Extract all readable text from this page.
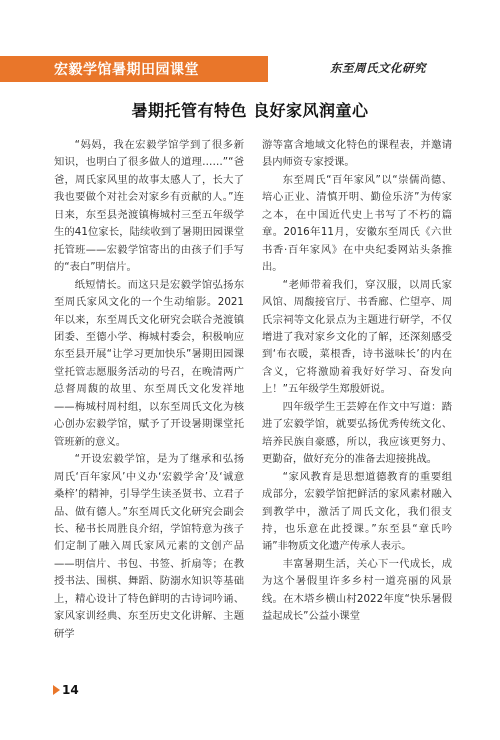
宏毅学馆暑期田园课堂	东至周氏文化研究
暑期托管有特色 良好家风润童心

“妈妈，我在宏毅学馆学到了很多新知识，也明白了很多做人的道理……”“爸爸，周氏家风里的故事太感人了，长大了我也要做个对社会对家乡有贡献的人。”连日来，东至县尧渡镇梅城村三至五年级学生的41位家长，陆续收到了暑期田园课堂托管班——宏毅学馆寄出的由孩子们手写的“表白”明信片。

纸短情长。而这只是宏毅学馆弘扬东至周氏家风文化的一个生动缩影。2021年以来，东至周氏文化研究会联合尧渡镇团委、至德小学、梅城村委会，积极响应东至县开展“让学习更加快乐”暑期田园课堂托管志愿服务活动的号召，在晚清两广总督周馥的故里、东至周氏文化发祥地——梅城村周村组，以东至周氏文化为核心创办宏毅学馆，赋予了开设暑期课堂托管班新的意义。

“开设宏毅学馆，是为了继承和弘扬周氏‘百年家风’中义办‘宏毅学舍’及‘诚意桑梓’的精神，引导学生读圣贤书、立君子品、做有德人。”东至周氏文化研究会副会长、秘书长周胜良介绍，学馆特意为孩子们定制了融入周氏家风元素的文创产品——明信片、书包、书签、折扇等；在教授书法、围棋、舞蹈、防溺水知识等基础上，精心设计了特色鲜明的古诗词吟诵、家风家训经典、东至历史文化讲解、主题研学

游等富含地域文化特色的课程表，并邀请县内师资专家授课。

东至周氏“百年家风”以“崇儒尚德、培心正业、清慎开明、勤俭乐济”为传家之本，在中国近代史上书写了不朽的篇章。2016年11月，安徽东至周氏《六世书香·百年家风》在中央纪委网站头条推出。

“老师带着我们，穿汉服，以周氏家风馆、周馥接官厅、书香廊、伫望亭、周氏宗祠等文化景点为主题进行研学，不仅增进了我对家乡文化的了解，还深刻感受到‘布衣暖，菜根香，诗书滋味长’的内在含义，它将激励着我好好学习、奋发向上！”五年级学生郑殷妍说。

四年级学生王芸婷在作文中写道：踏进了宏毅学馆，就要弘扬优秀传统文化、培养民族自豪感，所以，我应该更努力、更勤奋，做好充分的准备去迎接挑战。

“家风教育是思想道德教育的重要组成部分，宏毅学馆把鲜活的家风素材融入到教学中，激活了周氏文化，我们很支持，也乐意在此授课。”东至县“章氏吟诵”非物质文化遗产传承人表示。

丰富暑期生活，关心下一代成长，成为这个暑假里许多乡村一道亮丽的风景线。在木塔乡横山村2022年度“快乐暑假益起成长”公益小课堂

14
